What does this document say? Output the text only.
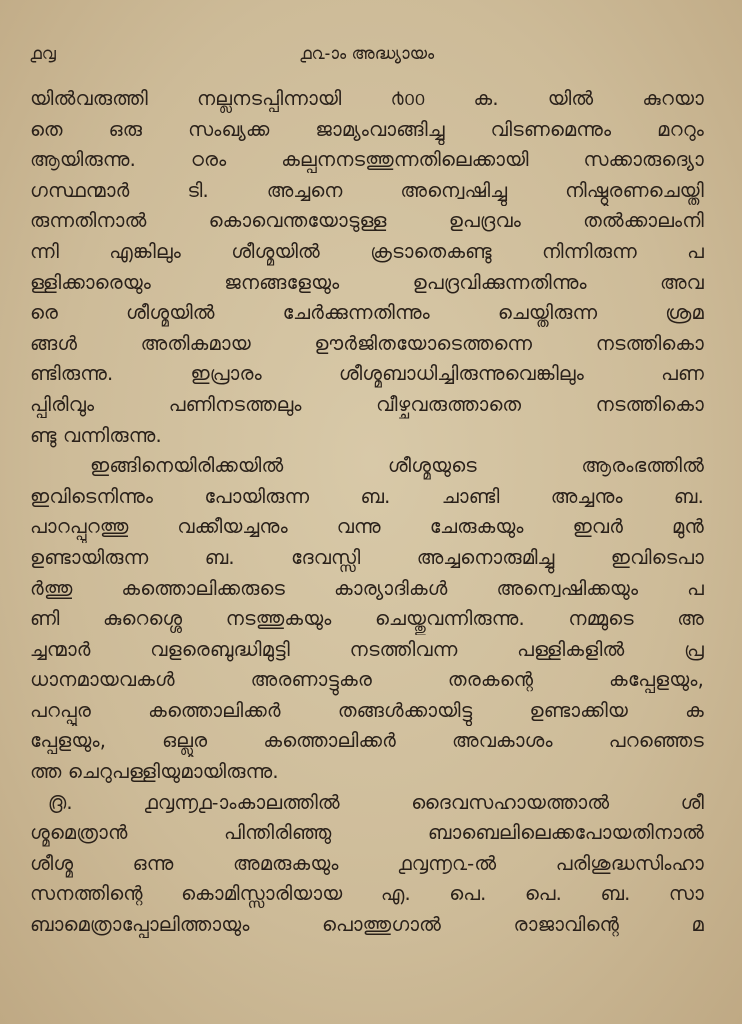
൧൮	൧൨-ാം അദ്ധ്യായം
യിൽവരുത്തി നല്ലനടപ്പിന്നായി ൪൦൦ ക. യിൽ കുറയാ
തെ ഒരു സംഖ്യക്ക ജാമ്യംവാങ്ങിച്ചു വിടണമെന്നും മററും
ആയിരുന്നു. ഠരം കല്പനനടത്തുന്നതിലെക്കായി സക്കാരുദ്യൊ
ഗസ്ഥന്മാർ ടി. അച്ചനെ അന്വെഷിച്ചു നിഷ്ഠൂരണചെയ്തി
രുന്നതിനാൽ കൊവെന്തയോടുള്ള ഉപദ്രവം തൽക്കാലംനി
ന്നി എങ്കിലും ശീശ്മയിൽ ക്രടാതെകണ്ടു നിന്നിരുന്ന പ
ള്ളിക്കാരെയും ജനങ്ങളേയും ഉപദ്രവിക്കുന്നതിന്നും അവ
രെ ശീശ്മയിൽ ചേർക്കുന്നതിന്നും ചെയ്തിരുന്ന ശ്രമ
ങ്ങൾ അതികമായ ഊർജിതയോടെത്തന്നെ നടത്തികൊ
ണ്ടിരുന്നു. ഇപ്രാരം ശീശ്മബാധിച്ചിരുന്നുവെങ്കിലും പണ
പ്പിരിവും പണിനടത്തലും വീഴ്ചവരുത്താതെ നടത്തികൊ
ണ്ടു വന്നിരുന്നു.
ഇങ്ങിനെയിരിക്കയിൽ ശീശ്മയുടെ ആരംഭത്തിൽ
ഇവിടെനിന്നും പോയിരുന്ന ബ. ചാണ്ടി അച്ചനും ബ.
പാറപ്പുറത്തു വക്കീയച്ചനും വന്നു ചേരുകയും ഇവർ മുൻ
ഉണ്ടായിരുന്ന ബ. ദേവസ്സി അച്ചനൊരുമിച്ചു ഇവിടെപാ
ർത്തു കത്തൊലിക്കരുടെ കാര്യാദികൾ അന്വെഷിക്കയും പ
ണി കുറെശ്ശെ നടത്തുകയും ചെയ്തുവന്നിരുന്നു. നമ്മുടെ അ
ച്ചന്മാർ വളരെബുദ്ധിമുട്ടി നടത്തിവന്ന പള്ളികളിൽ പ്ര
ധാനമായവകൾ അരണാട്ടുകര തരകന്റെ കപ്പേളയും,
പറപ്പൂര കത്തൊലിക്കർ തങ്ങൾക്കായിട്ടു ഉണ്ടാക്കിയ ക
പ്പേളയും, ഒല്ലൂര കത്തൊലിക്കർ അവകാശം പറഞ്ഞെട
ത്ത ചെറുപള്ളിയുമായിരുന്നു.
൫. ൧൮൬൧-ാംകാലത്തിൽ ദൈവസഹായത്താൽ ശീ
ശ്മമെത്രാൻ പിന്തിരിഞ്ഞു ബാബെലിലെക്കപോയതിനാൽ
ശീശ്മ ഒന്നു അമരുകയും ൧൮൬൨-ൽ പരിശുദ്ധസിംഹാ
സനത്തിന്റെ കൊമിസ്സാരിയായ എ. പെ. പെ. ബ. സാ
ബാമെത്രാപ്പോലിത്തായും പൊത്തുഗാൽ രാജാവിന്റെ മ
